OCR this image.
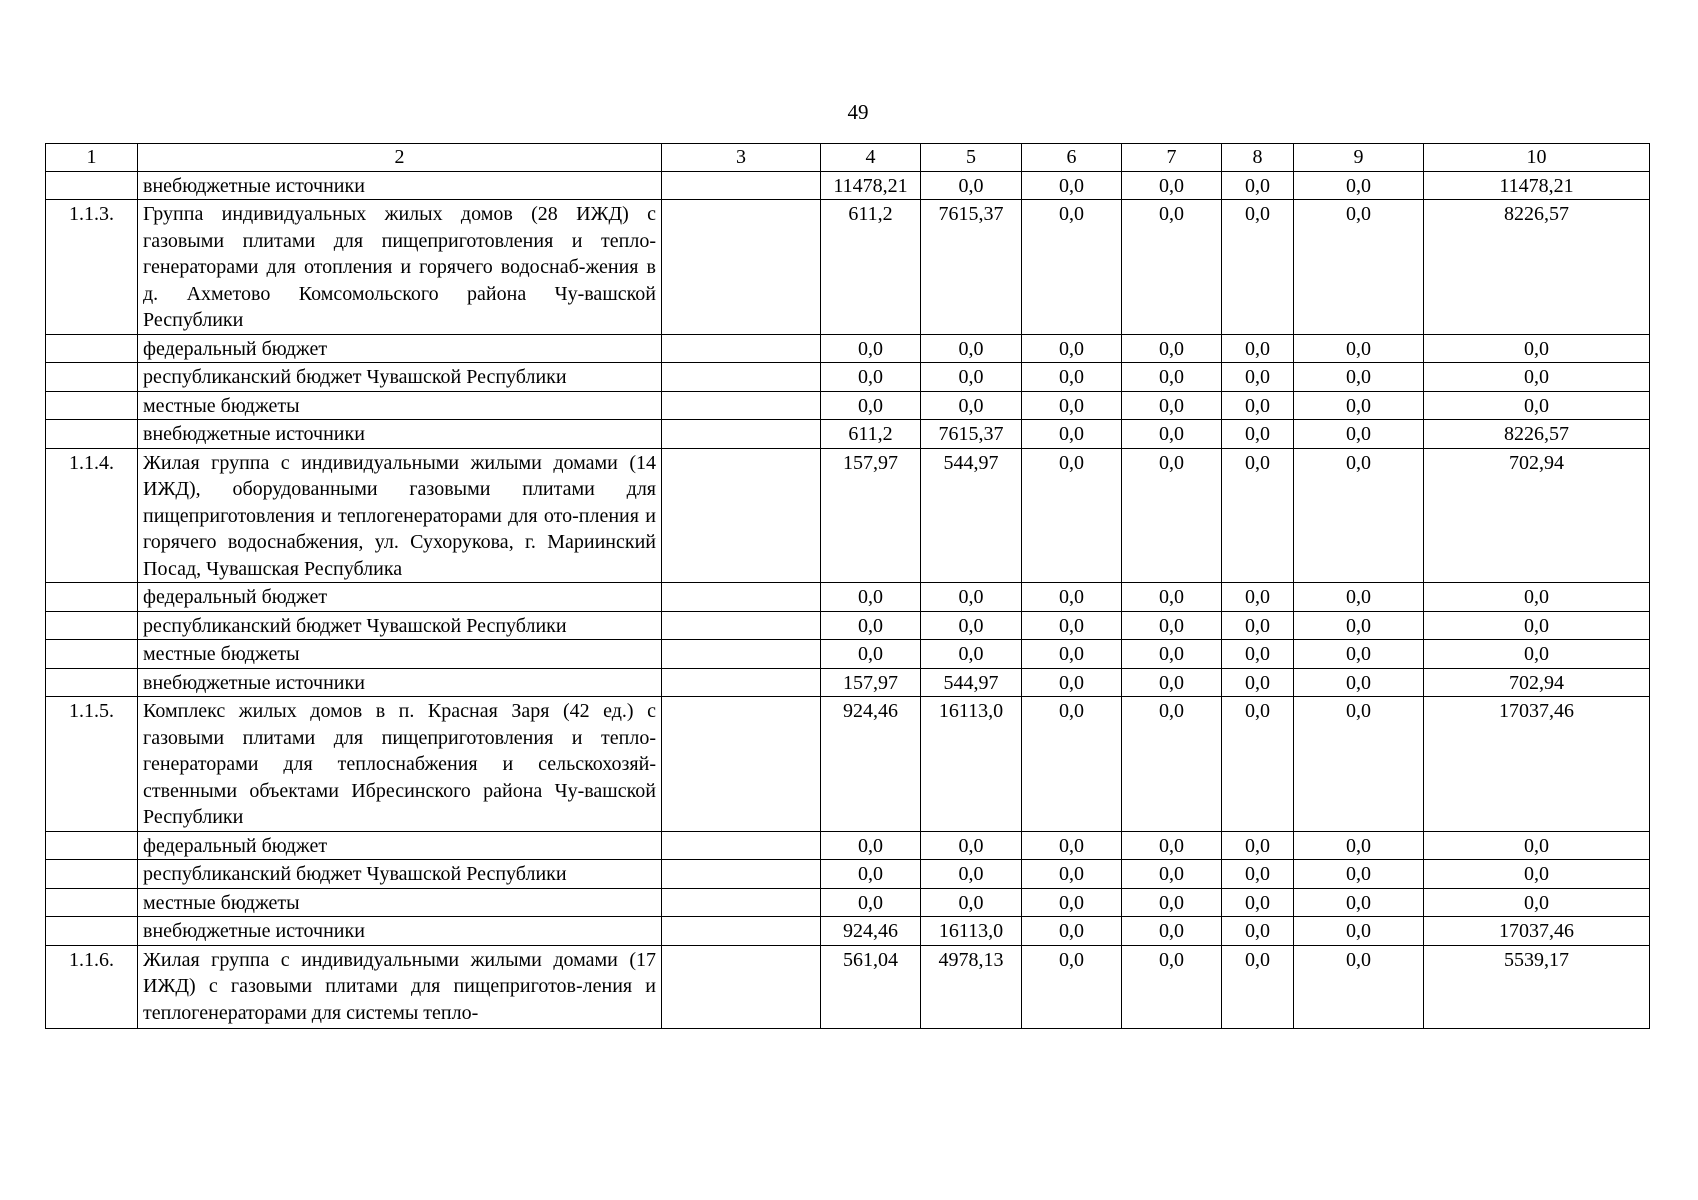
49
1	2	3	4	5	6	7	8	9	10
	внебюджетные источники		11478,21	0,0	0,0	0,0	0,0	0,0	11478,21
1.1.3.	Группа индивидуальных жилых домов (28 ИЖД) с газовыми плитами для пищеприготовления и тепло-генераторами для отопления и горячего водоснаб-жения в д. Ахметово Комсомольского района Чу-вашской Республики		611,2	7615,37	0,0	0,0	0,0	0,0	8226,57
	федеральный бюджет		0,0	0,0	0,0	0,0	0,0	0,0	0,0
	республиканский бюджет Чувашской Республики		0,0	0,0	0,0	0,0	0,0	0,0	0,0
	местные бюджеты		0,0	0,0	0,0	0,0	0,0	0,0	0,0
	внебюджетные источники		611,2	7615,37	0,0	0,0	0,0	0,0	8226,57
1.1.4.	Жилая группа с индивидуальными жилыми домами (14 ИЖД), оборудованными газовыми плитами для пищеприготовления и теплогенераторами для ото-пления и горячего водоснабжения, ул. Сухорукова, г. Мариинский Посад, Чувашская Республика		157,97	544,97	0,0	0,0	0,0	0,0	702,94
	федеральный бюджет		0,0	0,0	0,0	0,0	0,0	0,0	0,0
	республиканский бюджет Чувашской Республики		0,0	0,0	0,0	0,0	0,0	0,0	0,0
	местные бюджеты		0,0	0,0	0,0	0,0	0,0	0,0	0,0
	внебюджетные источники		157,97	544,97	0,0	0,0	0,0	0,0	702,94
1.1.5.	Комплекс жилых домов в п. Красная Заря (42 ед.) с газовыми плитами для пищеприготовления и тепло-генераторами для теплоснабжения и сельскохозяй-ственными объектами Ибресинского района Чу-вашской Республики		924,46	16113,0	0,0	0,0	0,0	0,0	17037,46
	федеральный бюджет		0,0	0,0	0,0	0,0	0,0	0,0	0,0
	республиканский бюджет Чувашской Республики		0,0	0,0	0,0	0,0	0,0	0,0	0,0
	местные бюджеты		0,0	0,0	0,0	0,0	0,0	0,0	0,0
	внебюджетные источники		924,46	16113,0	0,0	0,0	0,0	0,0	17037,46
1.1.6.	Жилая группа с индивидуальными жилыми домами (17 ИЖД) с газовыми плитами для пищеприготов-ления и теплогенераторами для системы тепло-		561,04	4978,13	0,0	0,0	0,0	0,0	5539,17
